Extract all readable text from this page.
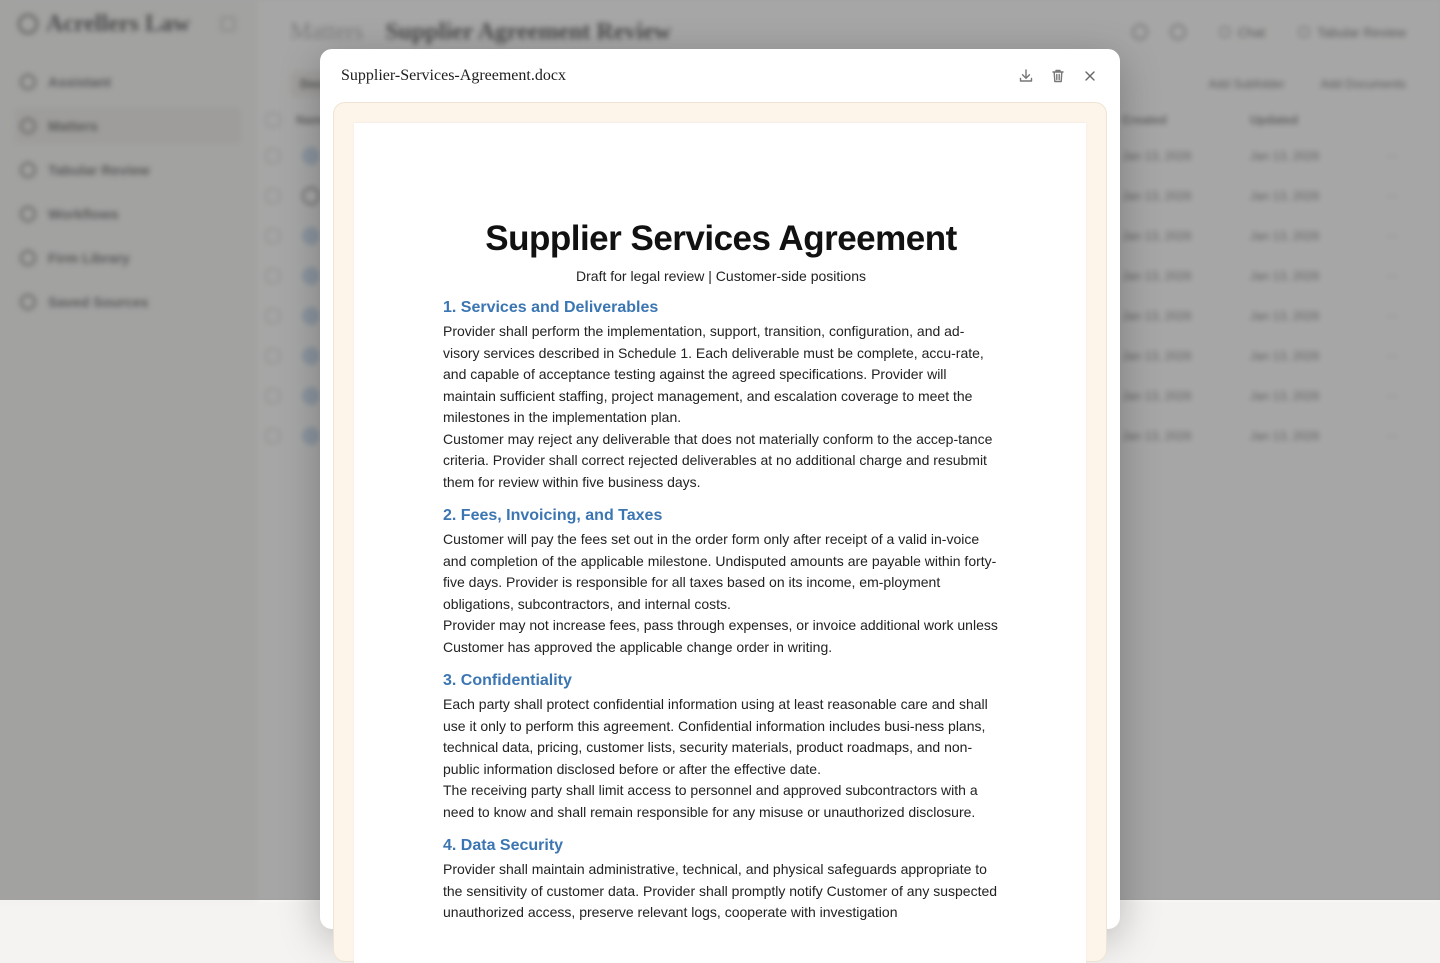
Supplier-Services-Agreement.docx
Supplier Services Agreement
Draft for legal review | Customer-side positions
1. Services and Deliverables

Provider shall perform the implementation, support, transition, configuration, and ad-visory services described in Schedule 1. Each deliverable must be complete, accu-rate, and capable of acceptance testing against the agreed specifications. Provider will maintain sufficient staffing, project management, and escalation coverage to meet the milestones in the implementation plan.

Customer may reject any deliverable that does not materially conform to the accep-tance criteria. Provider shall correct rejected deliverables at no additional charge and resubmit them for review within five business days.

2. Fees, Invoicing, and Taxes

Customer will pay the fees set out in the order form only after receipt of a valid in-voice and completion of the applicable milestone. Undisputed amounts are payable within forty-five days. Provider is responsible for all taxes based on its income, em-ployment obligations, subcontractors, and internal costs.

Provider may not increase fees, pass through expenses, or invoice additional work unless Customer has approved the applicable change order in writing.

3. Confidentiality

Each party shall protect confidential information using at least reasonable care and shall use it only to perform this agreement. Confidential information includes busi-ness plans, technical data, pricing, customer lists, security materials, product roadmaps, and non-public information disclosed before or after the effective date.

The receiving party shall limit access to personnel and approved subcontractors with a need to know and shall remain responsible for any misuse or unauthorized disclosure.

4. Data Security

Provider shall maintain administrative, technical, and physical safeguards appropriate to the sensitivity of customer data. Provider shall promptly notify Customer of any suspected unauthorized access, preserve relevant logs, cooperate with investigation
